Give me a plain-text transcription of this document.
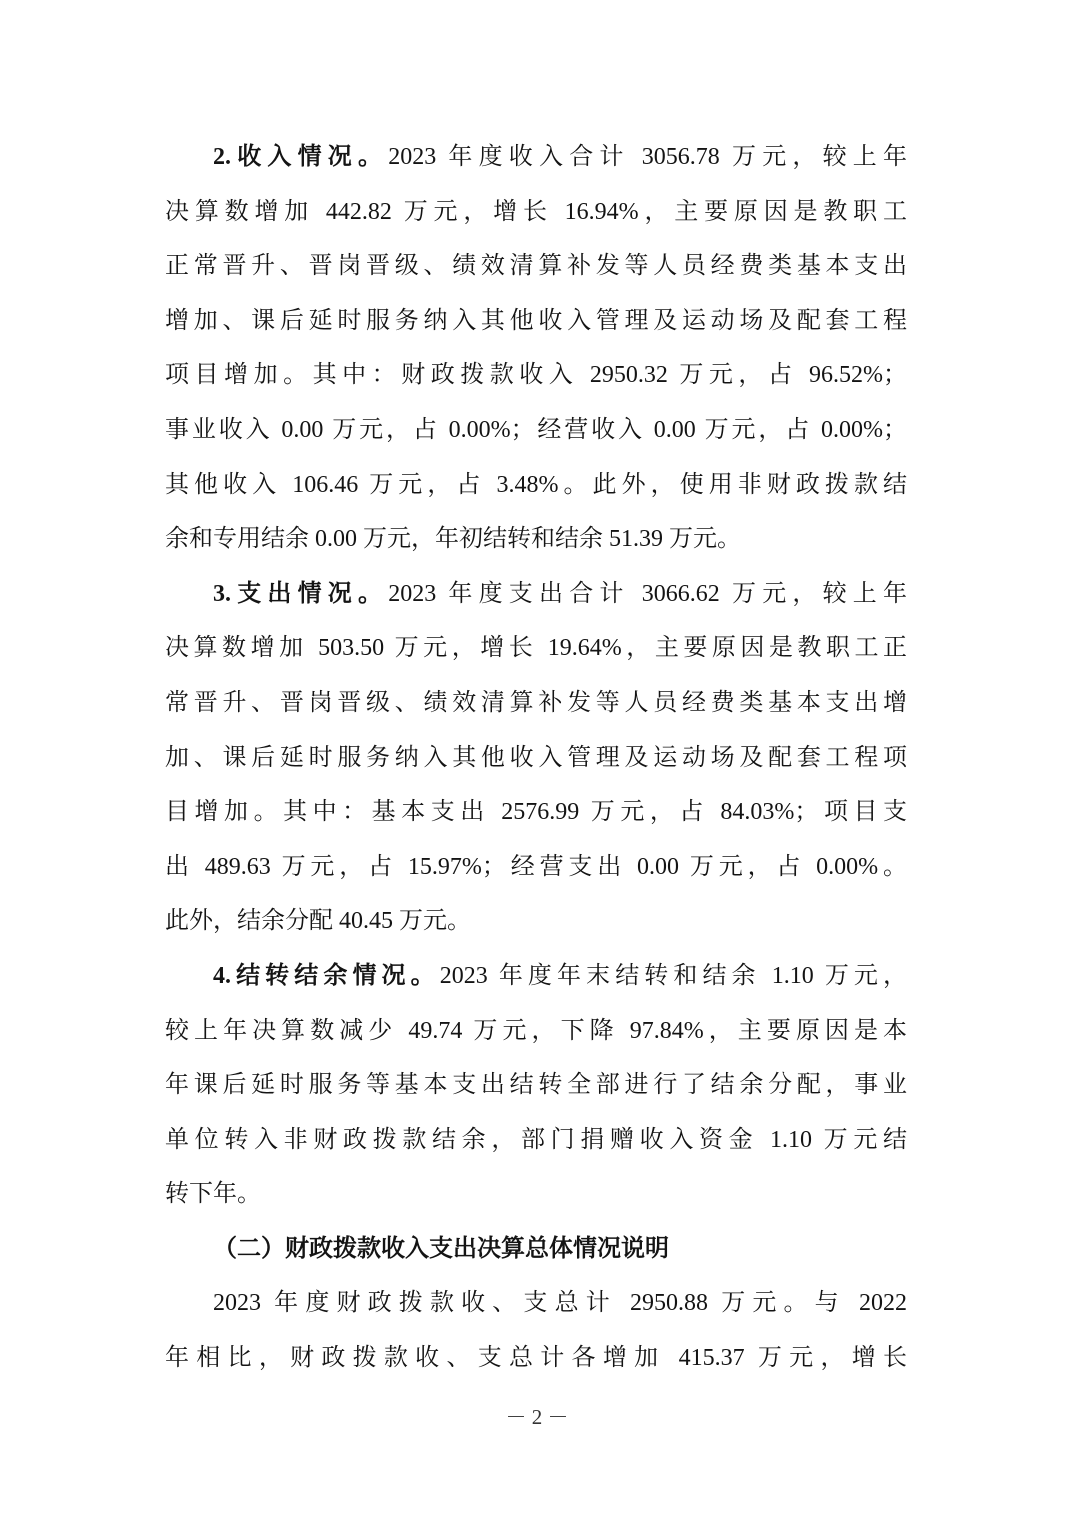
2.收入情况。2023 年度收入合计 3056.78 万元，较上年
决算数增加 442.82 万元，增长 16.94%，主要原因是教职工
正常晋升、晋岗晋级、绩效清算补发等人员经费类基本支出
增加、课后延时服务纳入其他收入管理及运动场及配套工程
项目增加。其中：财政拨款收入 2950.32 万元，占 96.52%；
事业收入 0.00 万元，占 0.00%；经营收入 0.00 万元，占 0.00%；
其他收入 106.46 万元，占 3.48%。此外，使用非财政拨款结
余和专用结余 0.00 万元，年初结转和结余 51.39 万元。
3.支出情况。2023 年度支出合计 3066.62 万元，较上年
决算数增加 503.50 万元，增长 19.64%，主要原因是教职工正
常晋升、晋岗晋级、绩效清算补发等人员经费类基本支出增
加、课后延时服务纳入其他收入管理及运动场及配套工程项
目增加。其中：基本支出 2576.99 万元，占 84.03%；项目支
出 489.63 万元，占 15.97%；经营支出 0.00 万元，占 0.00%。
此外，结余分配 40.45 万元。
4.结转结余情况。2023 年度年末结转和结余 1.10 万元，
较上年决算数减少 49.74 万元，下降 97.84%，主要原因是本
年课后延时服务等基本支出结转全部进行了结余分配，事业
单位转入非财政拨款结余，部门捐赠收入资金 1.10 万元结
转下年。
（二）财政拨款收入支出决算总体情况说明
2023 年度财政拨款收、支总计 2950.88 万元。与 2022
年相比，财政拨款收、支总计各增加 415.37 万元，增长
－ 2 －
